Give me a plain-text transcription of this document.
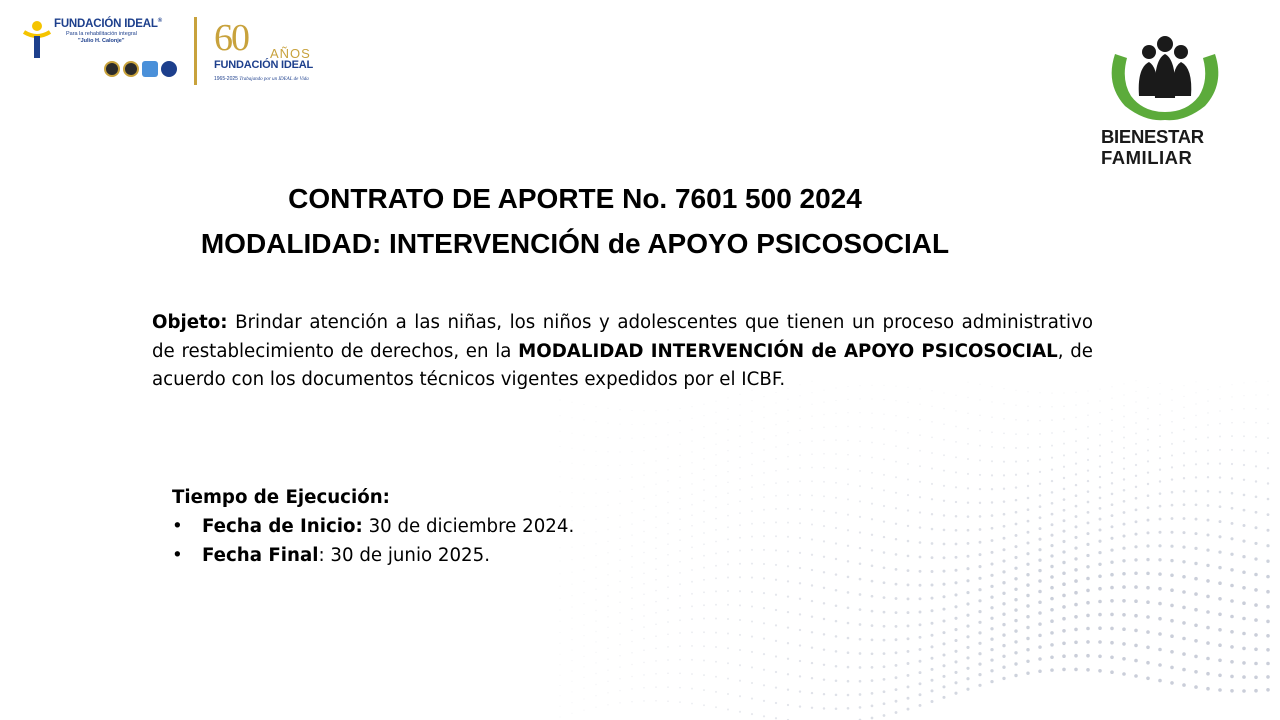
FUNDACIÓN IDEAL®
Para la rehabilitación integral
"Julio H. Calonje" 60 AÑOS
FUNDACIÓN IDEAL
1965-2025 Trabajando por un IDEAL de Vida
BIENESTAR
FAMILIAR
CONTRATO DE APORTE No. 7601 500 2024
MODALIDAD: INTERVENCIÓN de APOYO PSICOSOCIAL

Objeto: Brindar atención a las niñas, los niños y adolescentes que tienen un proceso administrativo de restablecimiento de derechos, en la MODALIDAD INTERVENCIÓN de APOYO PSICOSOCIAL, de acuerdo con los documentos técnicos vigentes expedidos por el ICBF.

Tiempo de Ejecución:
• Fecha de Inicio: 30 de diciembre 2024.
• Fecha Final: 30 de junio 2025.
